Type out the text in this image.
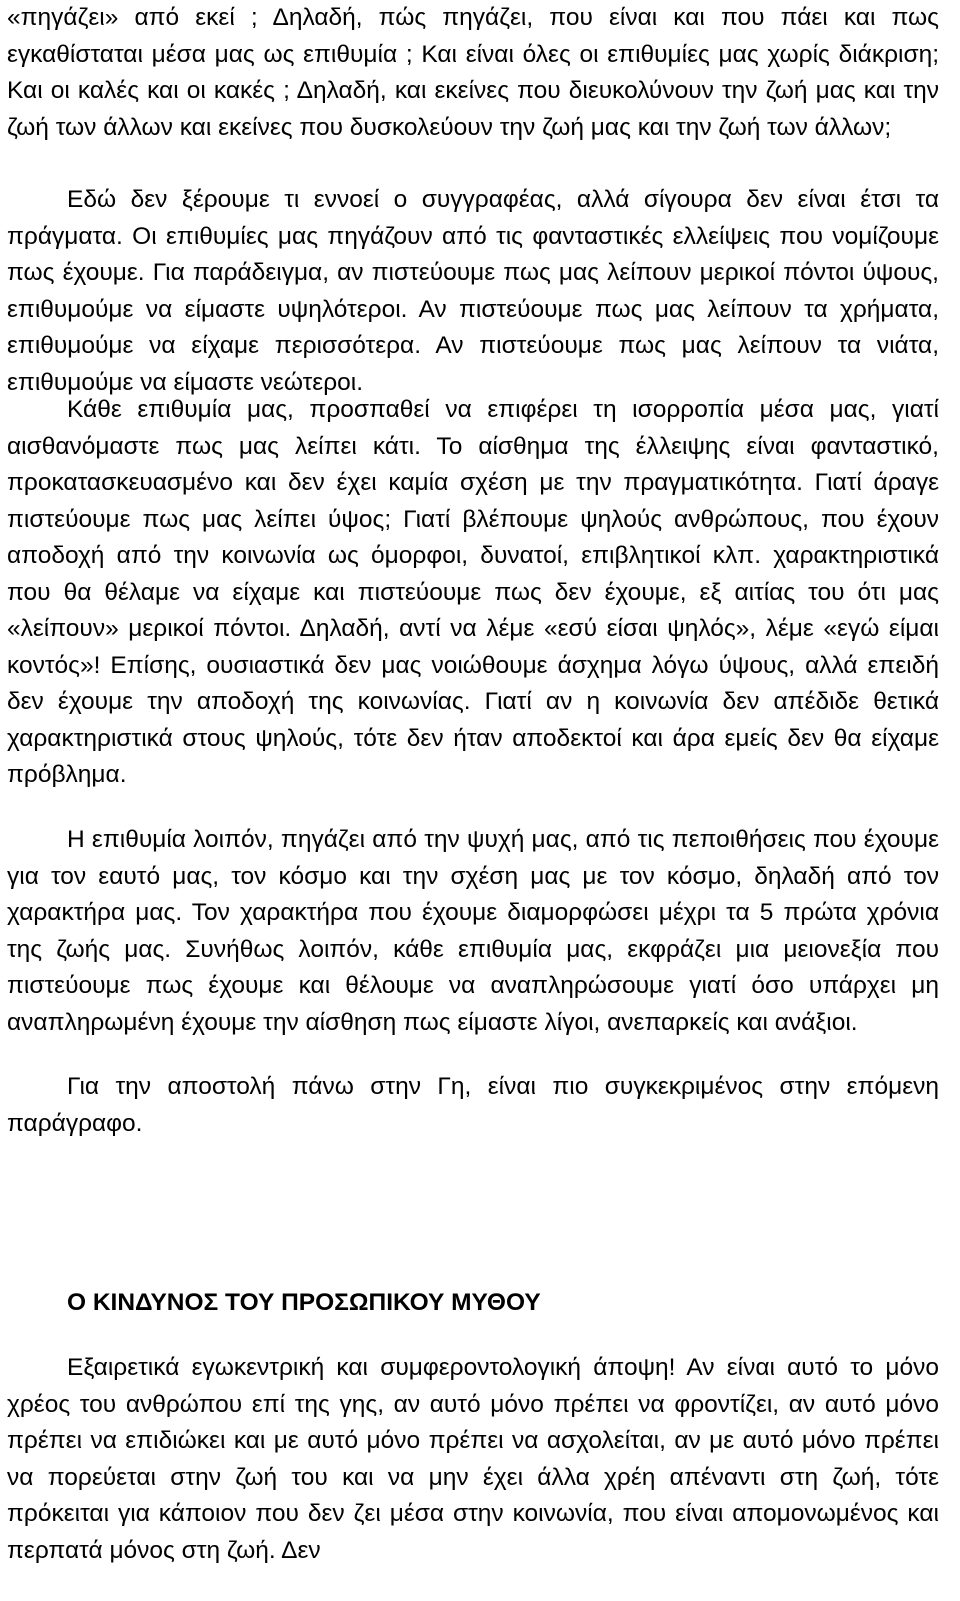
«πηγάζει» από εκεί ; Δηλαδή, πώς πηγάζει, που είναι και που πάει και πως εγκαθίσταται μέσα μας ως επιθυμία ; Και είναι όλες οι επιθυμίες μας χωρίς διάκριση; Και οι καλές και οι κακές ; Δηλαδή, και εκείνες που διευκολύνουν την ζωή μας και την ζωή των άλλων και εκείνες που δυσκολεύουν την ζωή μας και την ζωή των άλλων;

Εδώ δεν ξέρουμε τι εννοεί ο συγγραφέας, αλλά σίγουρα δεν είναι έτσι τα πράγματα. Οι επιθυμίες μας πηγάζουν από τις φανταστικές ελλείψεις που νομίζουμε πως έχουμε. Για παράδειγμα, αν πιστεύουμε πως μας λείπουν μερικοί πόντοι ύψους, επιθυμούμε να είμαστε υψηλότεροι. Αν πιστεύουμε πως μας λείπουν τα χρήματα, επιθυμούμε να είχαμε περισσότερα. Αν πιστεύουμε πως μας λείπουν τα νιάτα, επιθυμούμε να είμαστε νεώτεροι.

Κάθε επιθυμία μας, προσπαθεί να επιφέρει τη ισορροπία μέσα μας, γιατί αισθανόμαστε πως μας λείπει κάτι. Το αίσθημα της έλλειψης είναι φανταστικό, προκατασκευασμένο και δεν έχει καμία σχέση με την πραγματικότητα. Γιατί άραγε πιστεύουμε πως μας λείπει ύψος; Γιατί βλέπουμε ψηλούς ανθρώπους, που έχουν αποδοχή από την κοινωνία ως όμορφοι, δυνατοί, επιβλητικοί κλπ. χαρακτηριστικά που θα θέλαμε να είχαμε και πιστεύουμε πως δεν έχουμε, εξ αιτίας του ότι μας «λείπουν» μερικοί πόντοι. Δηλαδή, αντί να λέμε «εσύ είσαι ψηλός», λέμε «εγώ είμαι κοντός»! Επίσης, ουσιαστικά δεν μας νοιώθουμε άσχημα λόγω ύψους, αλλά επειδή δεν έχουμε την αποδοχή της κοινωνίας. Γιατί αν η κοινωνία δεν απέδιδε θετικά χαρακτηριστικά στους ψηλούς, τότε δεν ήταν αποδεκτοί και άρα εμείς δεν θα είχαμε πρόβλημα.

Η επιθυμία λοιπόν, πηγάζει από την ψυχή μας, από τις πεποιθήσεις που έχουμε για τον εαυτό μας, τον κόσμο και την σχέση μας με τον κόσμο, δηλαδή από τον χαρακτήρα μας. Τον χαρακτήρα που έχουμε διαμορφώσει μέχρι τα 5 πρώτα χρόνια της ζωής μας. Συνήθως λοιπόν, κάθε επιθυμία μας, εκφράζει μια μειονεξία που πιστεύουμε πως έχουμε και θέλουμε να αναπληρώσουμε γιατί όσο υπάρχει μη αναπληρωμένη έχουμε την αίσθηση πως είμαστε λίγοι, ανεπαρκείς και ανάξιοι.

Για την αποστολή πάνω στην Γη, είναι πιο συγκεκριμένος στην επόμενη παράγραφο.

Ο ΚΙΝΔΥΝΟΣ ΤΟΥ ΠΡΟΣΩΠΙΚΟΥ ΜΥΘΟΥ

Εξαιρετικά εγωκεντρική και συμφεροντολογική άποψη! Αν είναι αυτό το μόνο χρέος του ανθρώπου επί της γης, αν αυτό μόνο πρέπει να φροντίζει, αν αυτό μόνο πρέπει να επιδιώκει και με αυτό μόνο πρέπει να ασχολείται, αν με αυτό μόνο πρέπει να πορεύεται στην ζωή του και να μην έχει άλλα χρέη απέναντι στη ζωή, τότε πρόκειται για κάποιον που δεν ζει μέσα στην κοινωνία, που είναι απομονωμένος και περπατά μόνος στη ζωή. Δεν
